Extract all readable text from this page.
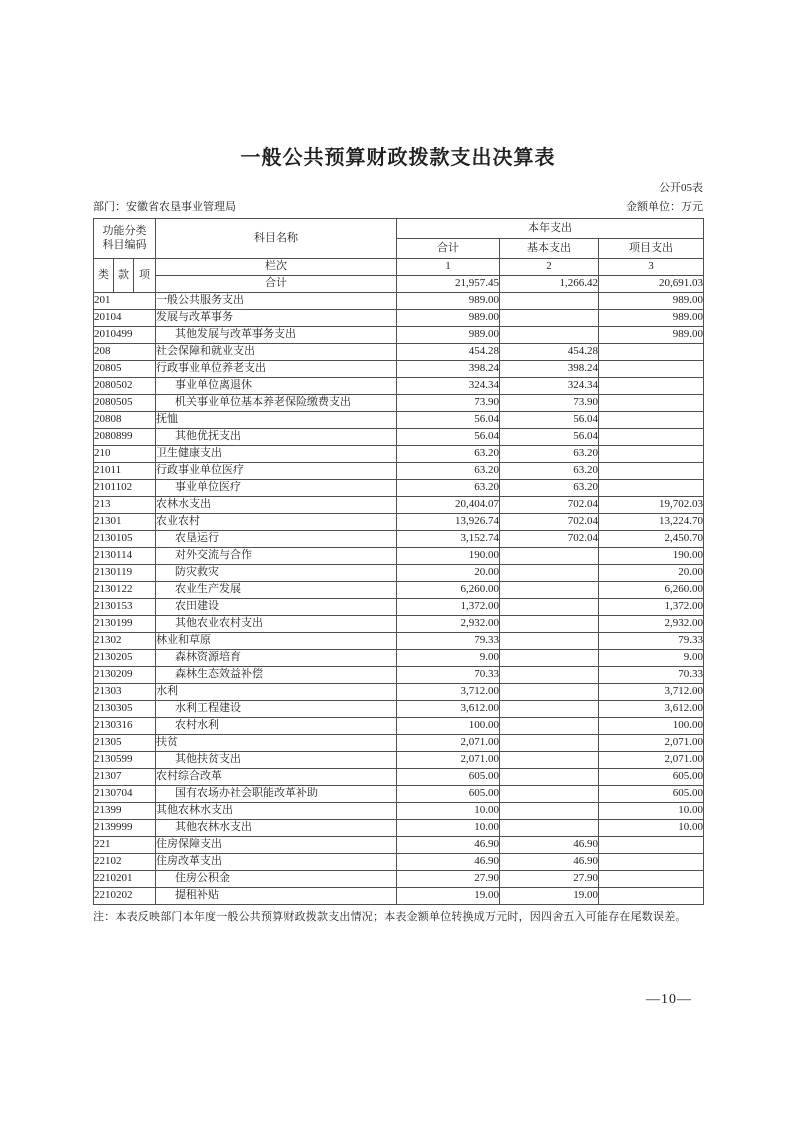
一般公共预算财政拨款支出决算表
公开05表
部门：安徽省农垦事业管理局	金额单位：万元
功能分类
科目编码			科目名称	本年支出		
				合计	基本支出	项目支出
类	款	项	栏次	1	2	3
			合计	21,957.45	1,266.42	20,691.03
201			一般公共服务支出	989.00		989.00
20104			发展与改革事务	989.00		989.00
2010499			其他发展与改革事务支出	989.00		989.00
208			社会保障和就业支出	454.28	454.28	
20805			行政事业单位养老支出	398.24	398.24	
2080502			事业单位离退休	324.34	324.34	
2080505			机关事业单位基本养老保险缴费支出	73.90	73.90	
20808			抚恤	56.04	56.04	
2080899			其他优抚支出	56.04	56.04	
210			卫生健康支出	63.20	63.20	
21011			行政事业单位医疗	63.20	63.20	
2101102			事业单位医疗	63.20	63.20	
213			农林水支出	20,404.07	702.04	19,702.03
21301			农业农村	13,926.74	702.04	13,224.70
2130105			农垦运行	3,152.74	702.04	2,450.70
2130114			对外交流与合作	190.00		190.00
2130119			防灾救灾	20.00		20.00
2130122			农业生产发展	6,260.00		6,260.00
2130153			农田建设	1,372.00		1,372.00
2130199			其他农业农村支出	2,932.00		2,932.00
21302			林业和草原	79.33		79.33
2130205			森林资源培育	9.00		9.00
2130209			森林生态效益补偿	70.33		70.33
21303			水利	3,712.00		3,712.00
2130305			水利工程建设	3,612.00		3,612.00
2130316			农村水利	100.00		100.00
21305			扶贫	2,071.00		2,071.00
2130599			其他扶贫支出	2,071.00		2,071.00
21307			农村综合改革	605.00		605.00
2130704			国有农场办社会职能改革补助	605.00		605.00
21399			其他农林水支出	10.00		10.00
2139999			其他农林水支出	10.00		10.00
221			住房保障支出	46.90	46.90	
22102			住房改革支出	46.90	46.90	
2210201			住房公积金	27.90	27.90	
2210202			提租补贴	19.00	19.00	
注：本表反映部门本年度一般公共预算财政拨款支出情况；本表金额单位转换成万元时，因四舍五入可能存在尾数误差。
—10—
